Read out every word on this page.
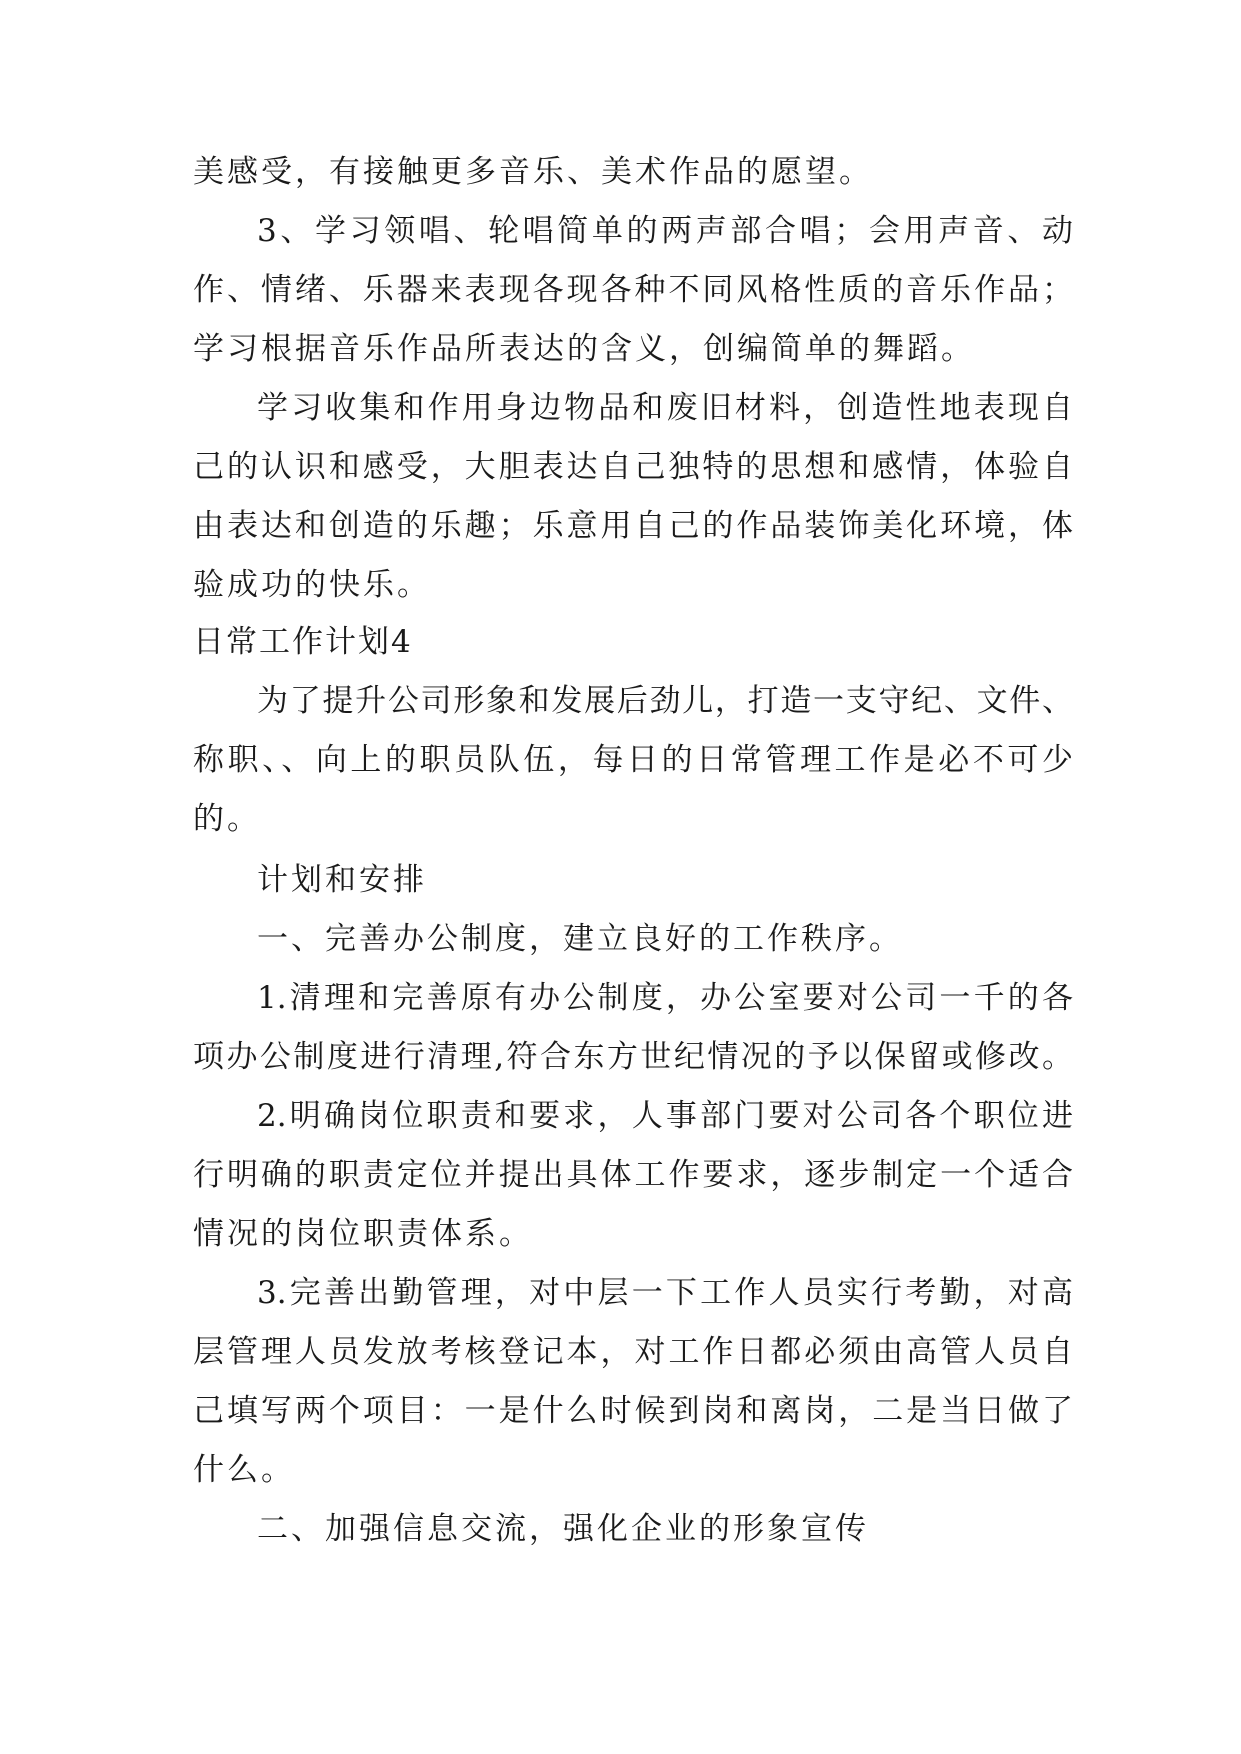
美感受，有接触更多音乐、美术作品的愿望。
3、学习领唱、轮唱简单的两声部合唱；会用声音、动
作、情绪、乐器来表现各现各种不同风格性质的音乐作品；
学习根据音乐作品所表达的含义，创编简单的舞蹈。
学习收集和作用身边物品和废旧材料，创造性地表现自
己的认识和感受，大胆表达自己独特的思想和感情，体验自
由表达和创造的乐趣；乐意用自己的作品装饰美化环境，体
验成功的快乐。
日常工作计划4
为了提升公司形象和发展后劲儿，打造一支守纪、文件、
称职、、向上的职员队伍，每日的日常管理工作是必不可少
的。
计划和安排
一、完善办公制度，建立良好的工作秩序。
1.清理和完善原有办公制度，办公室要对公司一千的各
项办公制度进行清理,符合东方世纪情况的予以保留或修改。
2.明确岗位职责和要求，人事部门要对公司各个职位进
行明确的职责定位并提出具体工作要求，逐步制定一个适合
情况的岗位职责体系。
3.完善出勤管理，对中层一下工作人员实行考勤，对高
层管理人员发放考核登记本，对工作日都必须由高管人员自
己填写两个项目：一是什么时候到岗和离岗，二是当日做了
什么。
二、加强信息交流，强化企业的形象宣传
